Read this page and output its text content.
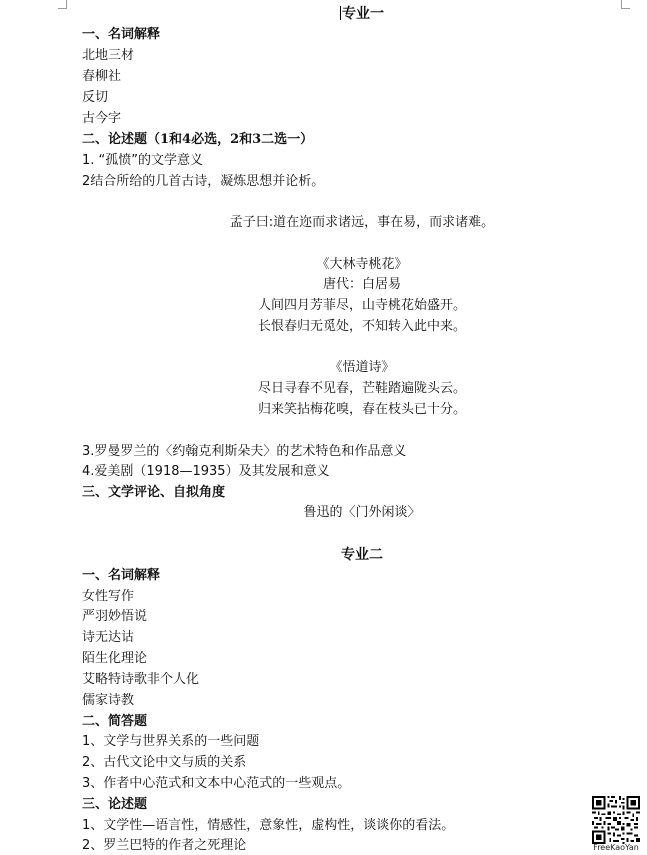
专业一
一、名词解释
北地三材
春柳社
反切
古今字
二、论述题（1和4必选，2和3二选一）
1. “孤愤”的文学意义
2结合所给的几首古诗，凝炼思想并论析。
孟子曰:道在迩而求诸远，事在易，而求诸难。
《大林寺桃花》
唐代：白居易
人间四月芳菲尽，山寺桃花始盛开。
长恨春归无觅处，不知转入此中来。
《悟道诗》
尽日寻春不见春，芒鞋踏遍陇头云。
归来笑拈梅花嗅，春在枝头已十分。
3.罗曼罗兰的〈约翰克利斯朵夫〉的艺术特色和作品意义
4.爱美剧（1918—1935）及其发展和意义
三、文学评论、自拟角度
鲁迅的〈门外闲谈〉
专业二
一、名词解释
女性写作
严羽妙悟说
诗无达诂
陌生化理论
艾略特诗歌非个人化
儒家诗教
二、简答题
1、文学与世界关系的一些问题
2、古代文论中文与质的关系
3、作者中心范式和文本中心范式的一些观点。
三、论述题
1、文学性—语言性，情感性，意象性，虚构性，谈谈你的看法。
2、罗兰巴特的作者之死理论	FreeKaoYan
